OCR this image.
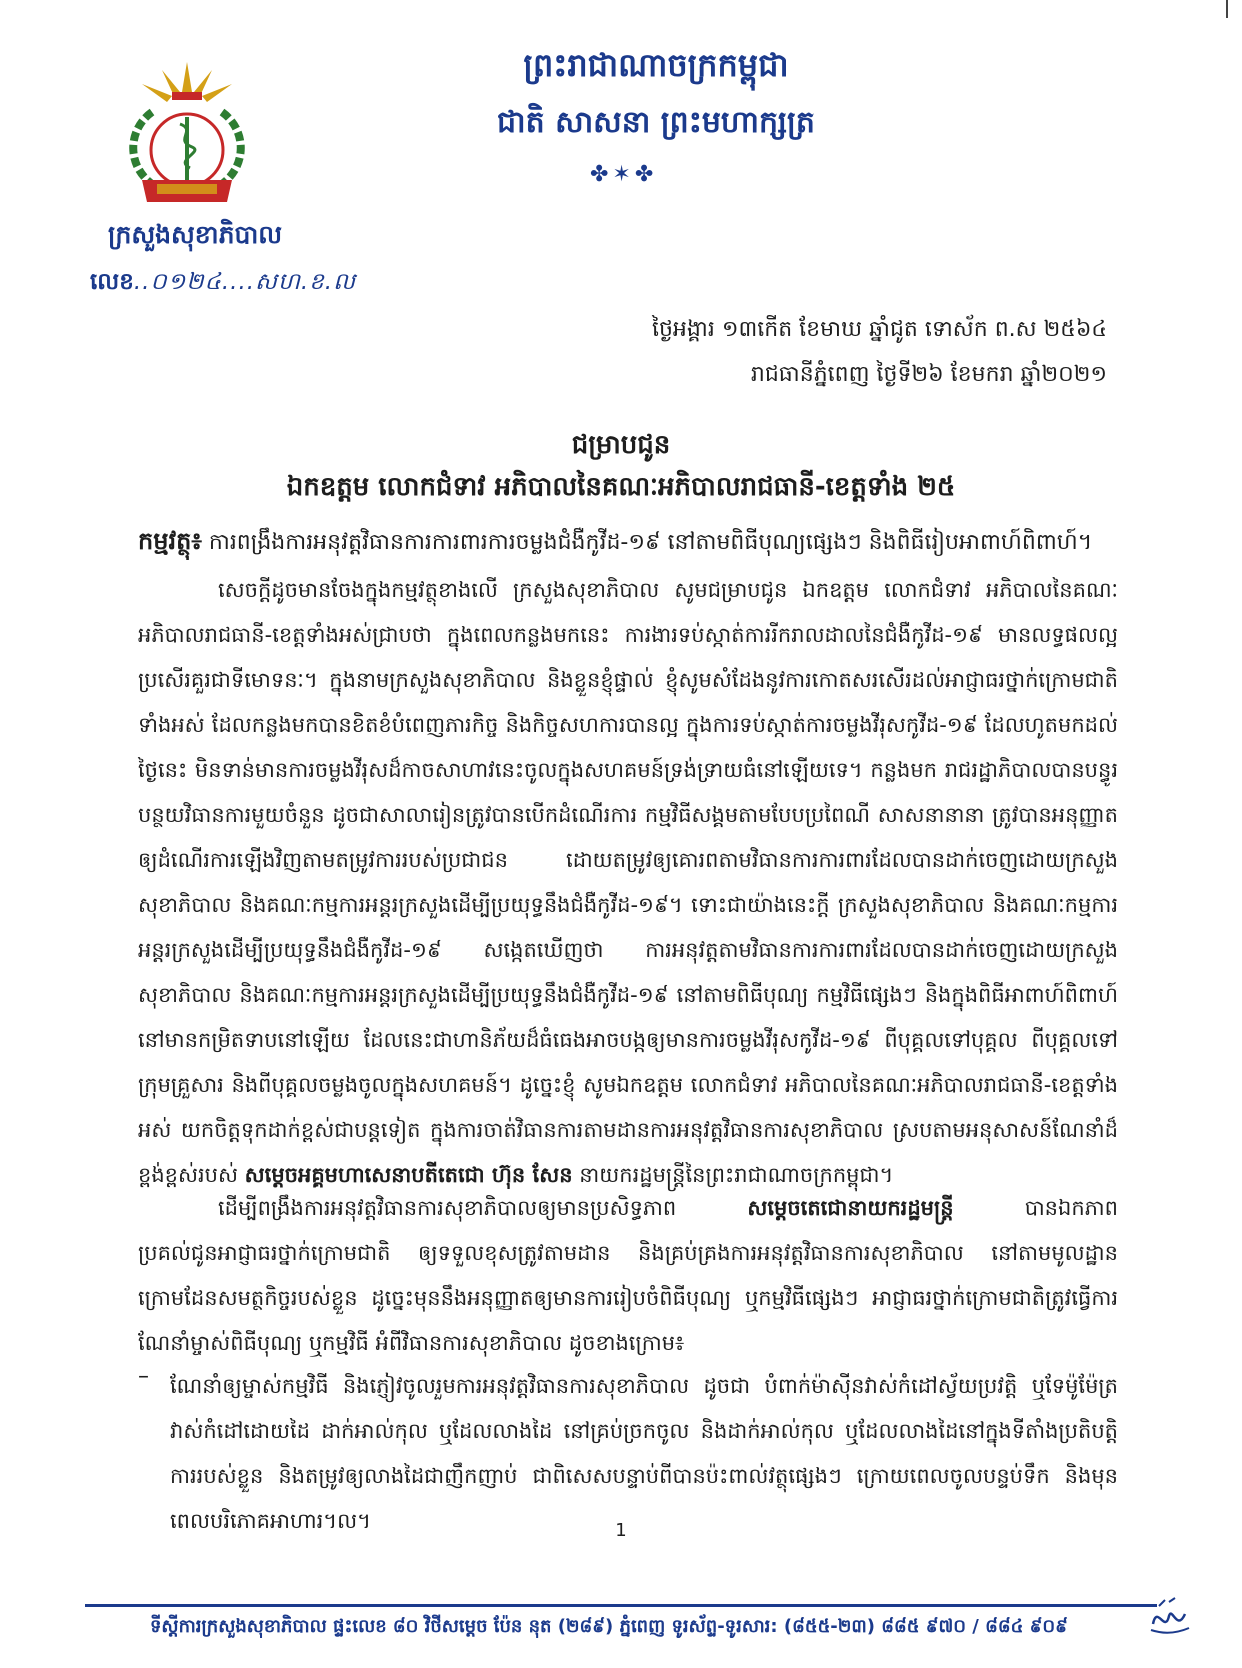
ក្រសួងសុខាភិបាល
លេខ..០១២៤....សហ.ខ.ល
ព្រះរាជាណាចក្រកម្ពុជា
ជាតិ សាសនា ព្រះមហាក្សត្រ
✤✶✤
ថ្ងៃអង្គារ ១៣កើត ខែមាឃ ឆ្នាំជូត ទោស័ក ព.ស ២៥៦៤
រាជធានីភ្នំពេញ ថ្ងៃទី២៦ ខែមករា ឆ្នាំ២០២១
ជម្រាបជូន
ឯកឧត្តម លោកជំទាវ អភិបាលនៃគណៈអភិបាលរាជធានី-ខេត្តទាំង ២៥
កម្មវត្ថុ៖ ការពង្រឹងការអនុវត្តវិធានការការពារការចម្លងជំងឺកូវីដ-១៩ នៅតាមពិធីបុណ្យផ្សេងៗ និងពិធីរៀបអាពាហ៍ពិពាហ៍។
សេចក្តីដូចមានចែងក្នុងកម្មវត្ថុខាងលើ ក្រសួងសុខាភិបាល សូមជម្រាបជូន ឯកឧត្តម លោកជំទាវ អភិបាលនៃគណៈអភិបាលរាជធានី-ខេត្តទាំងអស់ជ្រាបថា ក្នុងពេលកន្លងមកនេះ ការងារទប់ស្កាត់ការរីករាលដាលនៃជំងឺកូវីដ-១៩ មានលទ្ធផលល្អប្រសើរគួរជាទីមោទនៈ។ ក្នុងនាមក្រសួងសុខាភិបាល និងខ្លួនខ្ញុំផ្ទាល់ ខ្ញុំសូមសំដែងនូវការកោតសរសើរដល់អាជ្ញាធរថ្នាក់ក្រោមជាតិទាំងអស់ ដែលកន្លងមកបានខិតខំបំពេញភារកិច្ច និងកិច្ចសហការបានល្អ ក្នុងការទប់ស្កាត់ការចម្លងវីរុសកូវីដ-១៩ ដែលហូតមកដល់ថ្ងៃនេះ មិនទាន់មានការចម្លងវីរុសដ៏កាចសាហាវនេះចូលក្នុងសហគមន៍ទ្រង់ទ្រាយធំនៅឡើយទេ។ កន្លងមក រាជរដ្ឋាភិបាលបានបន្ធូរបន្ថយវិធានការមួយចំនួន ដូចជាសាលារៀនត្រូវបានបើកដំណើរការ កម្មវិធីសង្គមតាមបែបប្រពៃណី សាសនានានា ត្រូវបានអនុញ្ញាតឲ្យដំណើរការឡើងវិញតាមតម្រូវការរបស់ប្រជាជន ដោយតម្រូវឲ្យគោរពតាមវិធានការការពារដែលបានដាក់ចេញដោយក្រសួងសុខាភិបាល និងគណៈកម្មការអន្តរក្រសួងដើម្បីប្រយុទ្ធនឹងជំងឺកូវីដ-១៩។ ទោះជាយ៉ាងនេះក្តី ក្រសួងសុខាភិបាល និងគណៈកម្មការអន្តរក្រសួងដើម្បីប្រយុទ្ធនឹងជំងឺកូវីដ-១៩ សង្កេតឃើញថា ការអនុវត្តតាមវិធានការការពារដែលបានដាក់ចេញដោយក្រសួងសុខាភិបាល និងគណៈកម្មការអន្តរក្រសួងដើម្បីប្រយុទ្ធនឹងជំងឺកូវីដ-១៩ នៅតាមពិធីបុណ្យ កម្មវិធីផ្សេងៗ និងក្នុងពិធីអាពាហ៍ពិពាហ៍ នៅមានកម្រិតទាបនៅឡើយ ដែលនេះជាហានិភ័យដ៏ធំធេងអាចបង្កឲ្យមានការចម្លងវីរុសកូវីដ-១៩ ពីបុគ្គលទៅបុគ្គល ពីបុគ្គលទៅក្រុមគ្រួសារ និងពីបុគ្គលចម្លងចូលក្នុងសហគមន៍។ ដូច្នេះខ្ញុំ សូមឯកឧត្តម លោកជំទាវ អភិបាលនៃគណៈអភិបាលរាជធានី-ខេត្តទាំងអស់ យកចិត្តទុកដាក់ខ្ពស់ជាបន្តទៀត ក្នុងការចាត់វិធានការតាមដានការអនុវត្តវិធានការសុខាភិបាល ស្របតាមអនុសាសន៍ណែនាំដ៏ខ្ពង់ខ្ពស់របស់ សម្តេចអគ្គមហាសេនាបតីតេជោ ហ៊ុន សែន នាយករដ្ឋមន្ត្រីនៃព្រះរាជាណាចក្រកម្ពុជា។
ដើម្បីពង្រឹងការអនុវត្តវិធានការសុខាភិបាលឲ្យមានប្រសិទ្ធភាព	សម្តេចតេជោនាយករដ្ឋមន្ត្រី	បានឯកភាពប្រគល់ជូនអាជ្ញាធរថ្នាក់ក្រោមជាតិ ឲ្យទទួលខុសត្រូវតាមដាន និងគ្រប់គ្រងការអនុវត្តវិធានការសុខាភិបាល នៅតាមមូលដ្ឋានក្រោមដែនសមត្ថកិច្ចរបស់ខ្លួន ដូច្នេះមុននឹងអនុញ្ញាតឲ្យមានការរៀបចំពិធីបុណ្យ ឬកម្មវិធីផ្សេងៗ អាជ្ញាធរថ្នាក់ក្រោមជាតិត្រូវធ្វើការណែនាំម្ចាស់ពិធីបុណ្យ ឬកម្មវិធី អំពីវិធានការសុខាភិបាល ដូចខាងក្រោម៖
–	ណែនាំឲ្យម្ចាស់កម្មវិធី និងភ្ញៀវចូលរួមការអនុវត្តវិធានការសុខាភិបាល ដូចជា បំពាក់ម៉ាស៊ីនវាស់កំដៅស្វ័យប្រវត្តិ ឬទែម៉ូម៉ែត្រវាស់កំដៅដោយដៃ ដាក់អាល់កុល ឬដែលលាងដៃ នៅគ្រប់ច្រកចូល និងដាក់អាល់កុល ឬដែលលាងដៃនៅក្នុងទីតាំងប្រតិបត្តិការរបស់ខ្លួន និងតម្រូវឲ្យលាងដៃជាញឹកញាប់ ជាពិសេសបន្ទាប់ពីបានប៉ះពាល់វត្ថុផ្សេងៗ ក្រោយពេលចូលបន្ទប់ទឹក និងមុនពេលបរិភោគអាហារ។ល។	1
ទីស្តីការក្រសួងសុខាភិបាល ផ្ទះលេខ ៨០ វិថីសម្តេច ប៉ែន នុត (២៨៩) ភ្នំពេញ ទូរស័ព្ទ-ទូរសារ: (៨៥៥-២៣) ៨៨៥ ៩៧០ / ៨៨៤ ៩០៩
